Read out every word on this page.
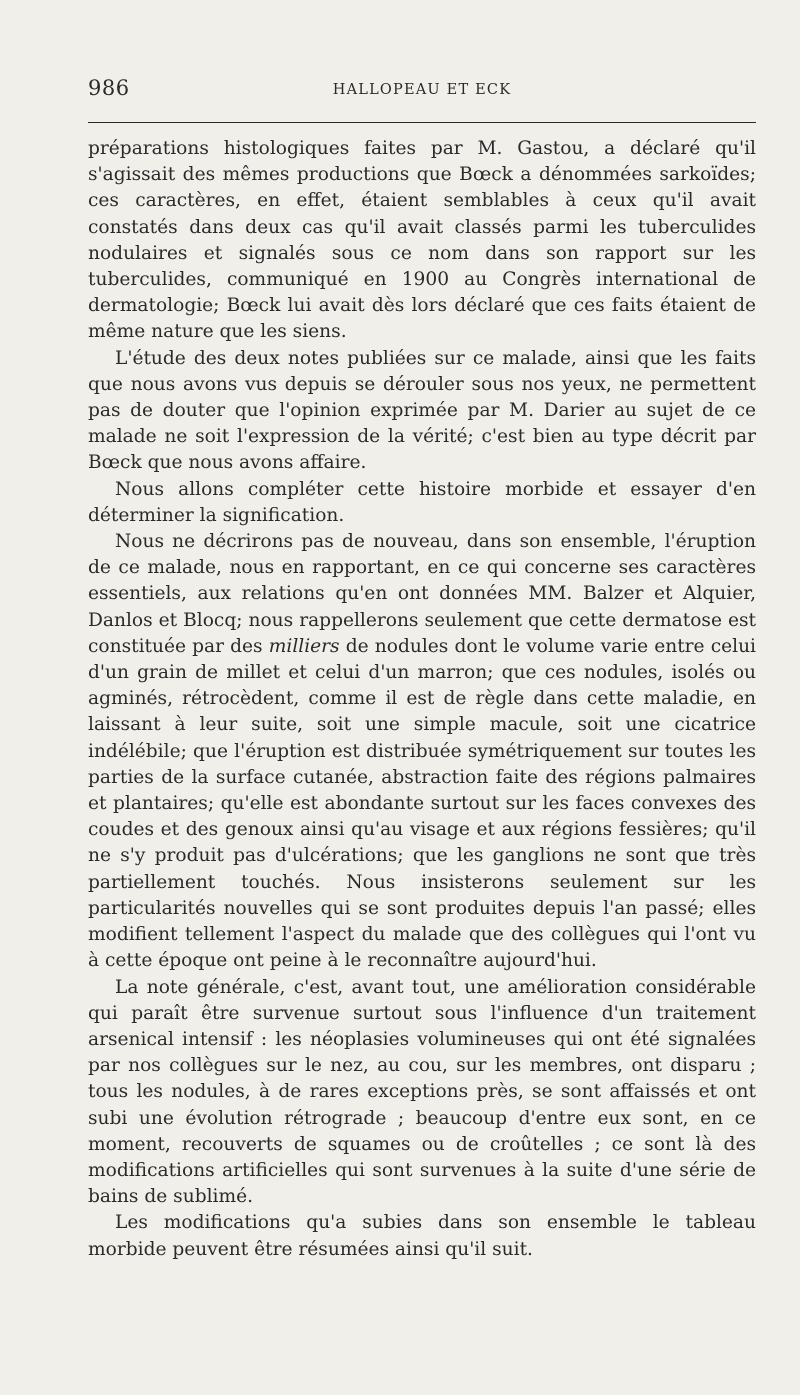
986	HALLOPEAU ET ECK

préparations histologiques faites par M. Gastou, a déclaré qu'il s'agissait des mêmes productions que Bœck a dénommées sarkoïdes; ces caractères, en effet, étaient semblables à ceux qu'il avait constatés dans deux cas qu'il avait classés parmi les tuberculides nodulaires et signalés sous ce nom dans son rapport sur les tuberculides, communiqué en 1900 au Congrès international de dermatologie; Bœck lui avait dès lors déclaré que ces faits étaient de même nature que les siens.

L'étude des deux notes publiées sur ce malade, ainsi que les faits que nous avons vus depuis se dérouler sous nos yeux, ne permettent pas de douter que l'opinion exprimée par M. Darier au sujet de ce malade ne soit l'expression de la vérité; c'est bien au type décrit par Bœck que nous avons affaire.

Nous allons compléter cette histoire morbide et essayer d'en déterminer la signification.

Nous ne décrirons pas de nouveau, dans son ensemble, l'éruption de ce malade, nous en rapportant, en ce qui concerne ses caractères essentiels, aux relations qu'en ont données MM. Balzer et Alquier, Danlos et Blocq; nous rappellerons seulement que cette dermatose est constituée par des milliers de nodules dont le volume varie entre celui d'un grain de millet et celui d'un marron; que ces nodules, isolés ou agminés, rétrocèdent, comme il est de règle dans cette maladie, en laissant à leur suite, soit une simple macule, soit une cicatrice indélébile; que l'éruption est distribuée symétriquement sur toutes les parties de la surface cutanée, abstraction faite des régions palmaires et plantaires; qu'elle est abondante surtout sur les faces convexes des coudes et des genoux ainsi qu'au visage et aux régions fessières; qu'il ne s'y produit pas d'ulcérations; que les ganglions ne sont que très partiellement touchés. Nous insisterons seulement sur les particularités nouvelles qui se sont produites depuis l'an passé; elles modifient tellement l'aspect du malade que des collègues qui l'ont vu à cette époque ont peine à le reconnaître aujourd'hui.

La note générale, c'est, avant tout, une amélioration considérable qui paraît être survenue surtout sous l'influence d'un traitement arsenical intensif : les néoplasies volumineuses qui ont été signalées par nos collègues sur le nez, au cou, sur les membres, ont disparu ; tous les nodules, à de rares exceptions près, se sont affaissés et ont subi une évolution rétrograde ; beaucoup d'entre eux sont, en ce moment, recouverts de squames ou de croûtelles ; ce sont là des modifications artificielles qui sont survenues à la suite d'une série de bains de sublimé.

Les modifications qu'a subies dans son ensemble le tableau morbide peuvent être résumées ainsi qu'il suit.
